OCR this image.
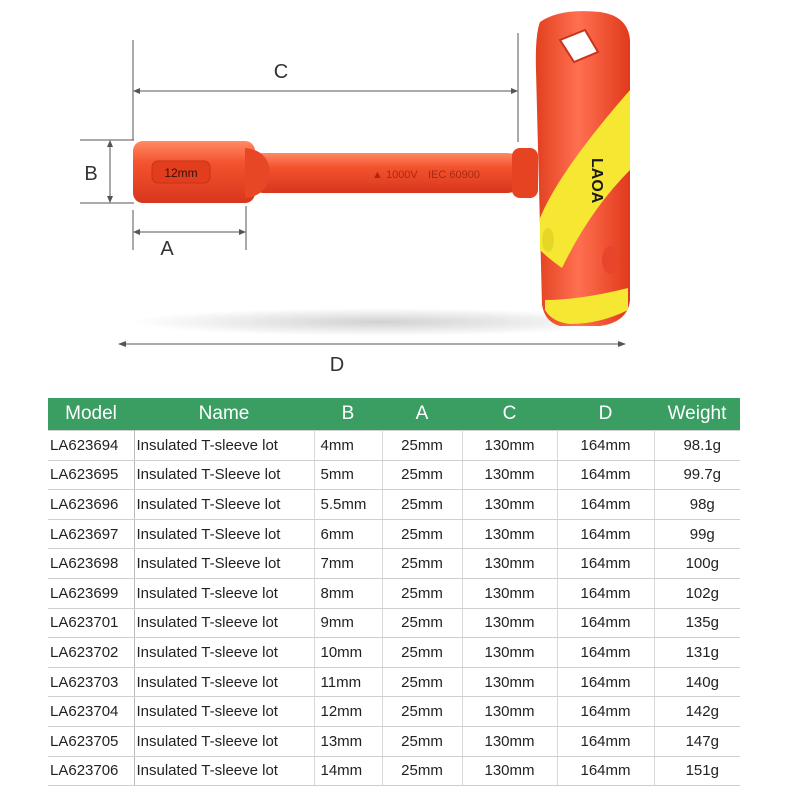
C
B
A
D
12mm	▲ 1000V IEC 60900	LAOA
Model	Name	B	A	C	D	Weight
LA623694	Insulated T-sleeve lot	4mm	25mm	130mm	164mm	98.1g
LA623695	Insulated T-Sleeve lot	5mm	25mm	130mm	164mm	99.7g
LA623696	Insulated T-Sleeve lot	5.5mm	25mm	130mm	164mm	98g
LA623697	Insulated T-Sleeve lot	6mm	25mm	130mm	164mm	99g
LA623698	Insulated T-Sleeve lot	7mm	25mm	130mm	164mm	100g
LA623699	Insulated T-sleeve lot	8mm	25mm	130mm	164mm	102g
LA623701	Insulated T-sleeve lot	9mm	25mm	130mm	164mm	135g
LA623702	Insulated T-sleeve lot	10mm	25mm	130mm	164mm	131g
LA623703	Insulated T-sleeve lot	11mm	25mm	130mm	164mm	140g
LA623704	Insulated T-sleeve lot	12mm	25mm	130mm	164mm	142g
LA623705	Insulated T-sleeve lot	13mm	25mm	130mm	164mm	147g
LA623706	Insulated T-sleeve lot	14mm	25mm	130mm	164mm	151g
